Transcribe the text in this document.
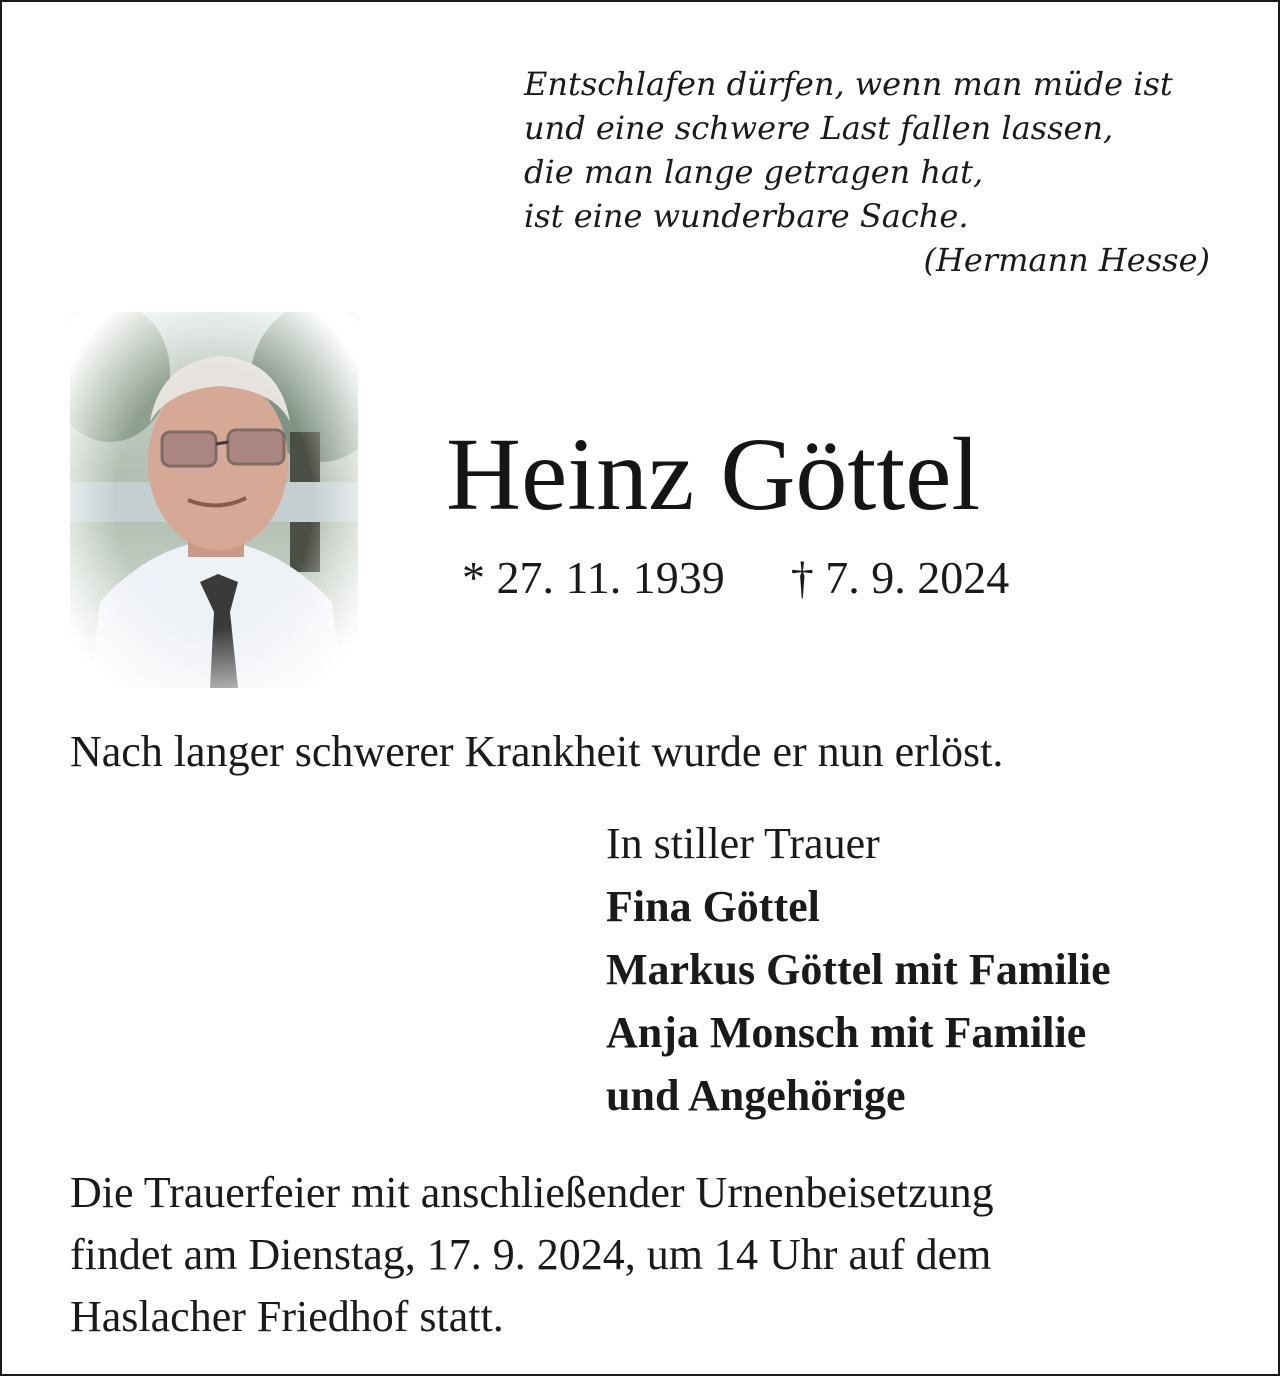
Entschlafen dürfen, wenn man müde ist
und eine schwere Last fallen lassen,
die man lange getragen hat,
ist eine wunderbare Sache.
(Hermann Hesse)
Heinz Göttel
* 27. 11. 1939 † 7. 9. 2024
Nach langer schwerer Krankheit wurde er nun erlöst.
In stiller Trauer
Fina Göttel
Markus Göttel mit Familie
Anja Monsch mit Familie
und Angehörige
Die Trauerfeier mit anschließender Urnenbeisetzung
findet am Dienstag, 17. 9. 2024, um 14 Uhr auf dem
Haslacher Friedhof statt.
